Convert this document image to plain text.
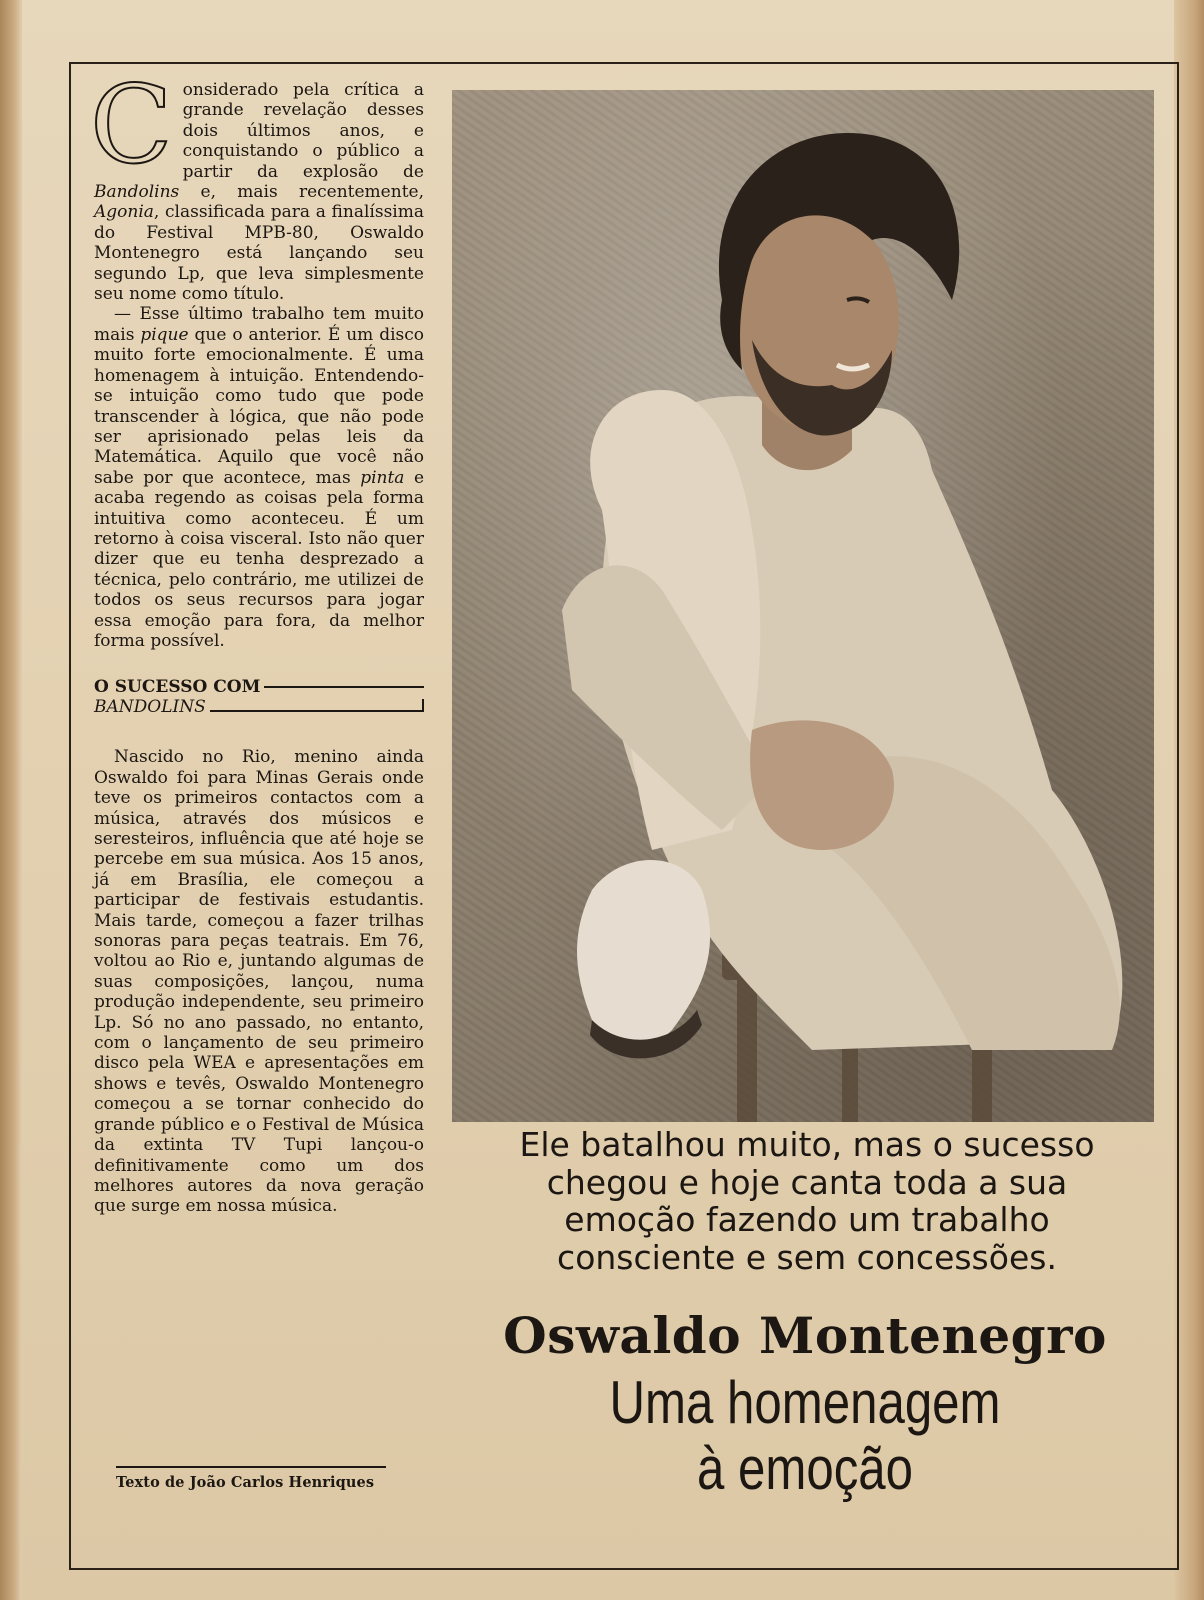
C onsiderado pela crítica a grande revelação desses dois últimos anos, e conquistando o público a partir da explosão de Bandolins e, mais recentemente, Agonia, classificada para a finalíssima do Festival MPB-80, Oswaldo Montenegro está lançando seu segundo Lp, que leva simplesmente seu nome como título.

— Esse último trabalho tem muito mais pique que o anterior. É um disco muito forte emocionalmente. É uma homenagem à intuição. Entendendo-se intuição como tudo que pode transcender à lógica, que não pode ser aprisionado pelas leis da Matemática. Aquilo que você não sabe por que acontece, mas pinta e acaba regendo as coisas pela forma intuitiva como aconteceu. É um retorno à coisa visceral. Isto não quer dizer que eu tenha desprezado a técnica, pelo contrário, me utilizei de todos os seus recursos para jogar essa emoção para fora, da melhor forma possível.

O SUCESSO COM
BANDOLINS

Nascido no Rio, menino ainda Oswaldo foi para Minas Gerais onde teve os primeiros contactos com a música, através dos músicos e seresteiros, influência que até hoje se percebe em sua música. Aos 15 anos, já em Brasília, ele começou a participar de festivais estudantis. Mais tarde, começou a fazer trilhas sonoras para peças teatrais. Em 76, voltou ao Rio e, juntando algumas de suas composições, lançou, numa produção independente, seu primeiro Lp. Só no ano passado, no entanto, com o lançamento de seu primeiro disco pela WEA e apresentações em shows e tevês, Oswaldo Montenegro começou a se tornar conhecido do grande público e o Festival de Música da extinta TV Tupi lançou-o definitivamente como um dos melhores autores da nova geração que surge em nossa música.

Texto de João Carlos Henriques
Ele batalhou muito, mas o sucesso
chegou e hoje canta toda a sua
emoção fazendo um trabalho
consciente e sem concessões.
Oswaldo Montenegro
Uma homenagem
à emoção
